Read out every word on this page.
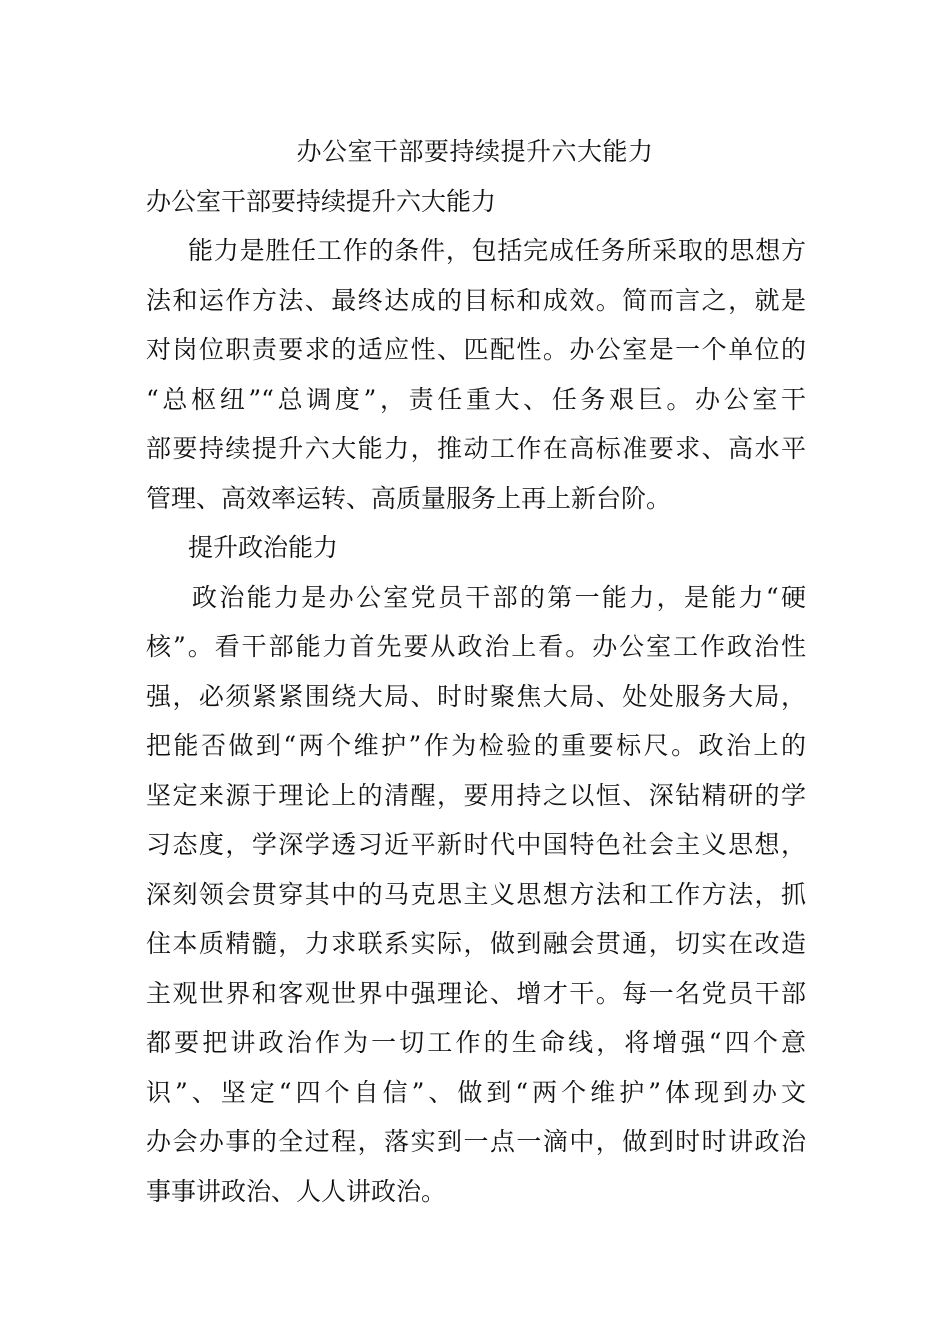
办公室干部要持续提升六大能力
办公室干部要持续提升六大能力

能力是胜任工作的条件，包括完成任务所采取的思想方

法和运作方法、最终达成的目标和成效。简而言之，就是

对岗位职责要求的适应性、匹配性。办公室是一个单位的

“总枢纽”“总调度”，责任重大、任务艰巨。办公室干

部要持续提升六大能力，推动工作在高标准要求、高水平

管理、高效率运转、高质量服务上再上新台阶。

提升政治能力

政治能力是办公室党员干部的第一能力，是能力“硬

核”。看干部能力首先要从政治上看。办公室工作政治性

强，必须紧紧围绕大局、时时聚焦大局、处处服务大局，

把能否做到“两个维护”作为检验的重要标尺。政治上的

坚定来源于理论上的清醒，要用持之以恒、深钻精研的学

习态度，学深学透习近平新时代中国特色社会主义思想，

深刻领会贯穿其中的马克思主义思想方法和工作方法，抓

住本质精髓，力求联系实际，做到融会贯通，切实在改造

主观世界和客观世界中强理论、增才干。每一名党员干部

都要把讲政治作为一切工作的生命线，将增强“四个意

识”、坚定“四个自信”、做到“两个维护”体现到办文

办会办事的全过程，落实到一点一滴中，做到时时讲政治

事事讲政治、人人讲政治。
